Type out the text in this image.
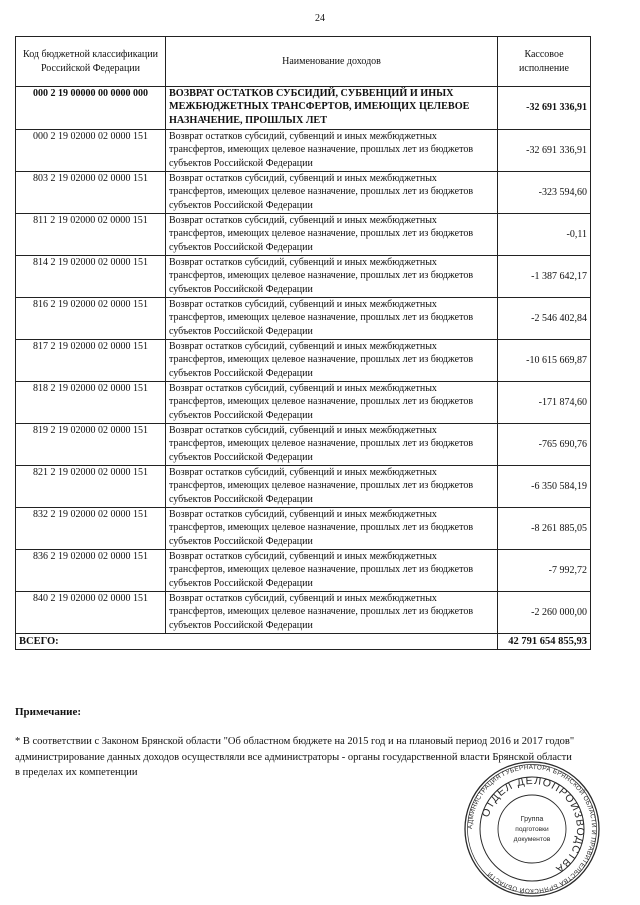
24
Код бюджетной классификации Российской Федерации	Наименование доходов	Кассовое исполнение
000 2 19 00000 00 0000 000	ВОЗВРАТ ОСТАТКОВ СУБСИДИЙ, СУБВЕНЦИЙ И ИНЫХ МЕЖБЮДЖЕТНЫХ ТРАНСФЕРТОВ, ИМЕЮЩИХ ЦЕЛЕВОЕ НАЗНАЧЕНИЕ, ПРОШЛЫХ ЛЕТ	-32 691 336,91
000 2 19 02000 02 0000 151	Возврат остатков субсидий, субвенций и иных межбюджетных трансфертов, имеющих целевое назначение, прошлых лет из бюджетов субъектов Российской Федерации	-32 691 336,91
803 2 19 02000 02 0000 151	Возврат остатков субсидий, субвенций и иных межбюджетных трансфертов, имеющих целевое назначение, прошлых лет из бюджетов субъектов Российской Федерации	-323 594,60
811 2 19 02000 02 0000 151	Возврат остатков субсидий, субвенций и иных межбюджетных трансфертов, имеющих целевое назначение, прошлых лет из бюджетов субъектов Российской Федерации	-0,11
814 2 19 02000 02 0000 151	Возврат остатков субсидий, субвенций и иных межбюджетных трансфертов, имеющих целевое назначение, прошлых лет из бюджетов субъектов Российской Федерации	-1 387 642,17
816 2 19 02000 02 0000 151	Возврат остатков субсидий, субвенций и иных межбюджетных трансфертов, имеющих целевое назначение, прошлых лет из бюджетов субъектов Российской Федерации	-2 546 402,84
817 2 19 02000 02 0000 151	Возврат остатков субсидий, субвенций и иных межбюджетных трансфертов, имеющих целевое назначение, прошлых лет из бюджетов субъектов Российской Федерации	-10 615 669,87
818 2 19 02000 02 0000 151	Возврат остатков субсидий, субвенций и иных межбюджетных трансфертов, имеющих целевое назначение, прошлых лет из бюджетов субъектов Российской Федерации	-171 874,60
819 2 19 02000 02 0000 151	Возврат остатков субсидий, субвенций и иных межбюджетных трансфертов, имеющих целевое назначение, прошлых лет из бюджетов субъектов Российской Федерации	-765 690,76
821 2 19 02000 02 0000 151	Возврат остатков субсидий, субвенций и иных межбюджетных трансфертов, имеющих целевое назначение, прошлых лет из бюджетов субъектов Российской Федерации	-6 350 584,19
832 2 19 02000 02 0000 151	Возврат остатков субсидий, субвенций и иных межбюджетных трансфертов, имеющих целевое назначение, прошлых лет из бюджетов субъектов Российской Федерации	-8 261 885,05
836 2 19 02000 02 0000 151	Возврат остатков субсидий, субвенций и иных межбюджетных трансфертов, имеющих целевое назначение, прошлых лет из бюджетов субъектов Российской Федерации	-7 992,72
840 2 19 02000 02 0000 151	Возврат остатков субсидий, субвенций и иных межбюджетных трансфертов, имеющих целевое назначение, прошлых лет из бюджетов субъектов Российской Федерации	-2 260 000,00
ВСЕГО:		42 791 654 855,93
Примечание:
* В соответствии с Законом Брянской области "Об областном бюджете на 2015 год и на плановый период 2016 и 2017 годов" администрирование данных доходов осуществляли все администраторы - органы государственной власти Брянской области в пределах их компетенции
АДМИНИСТРАЦИЯ ГУБЕРНАТОРА БРЯНСКОЙ ОБЛАСТИ И ПРАВИТЕЛЬСТВА БРЯНСКОЙ ОБЛАСТИ
ОТДЕЛ ДЕЛОПРОИЗВОДСТВА
Группа
подготовки
документов
